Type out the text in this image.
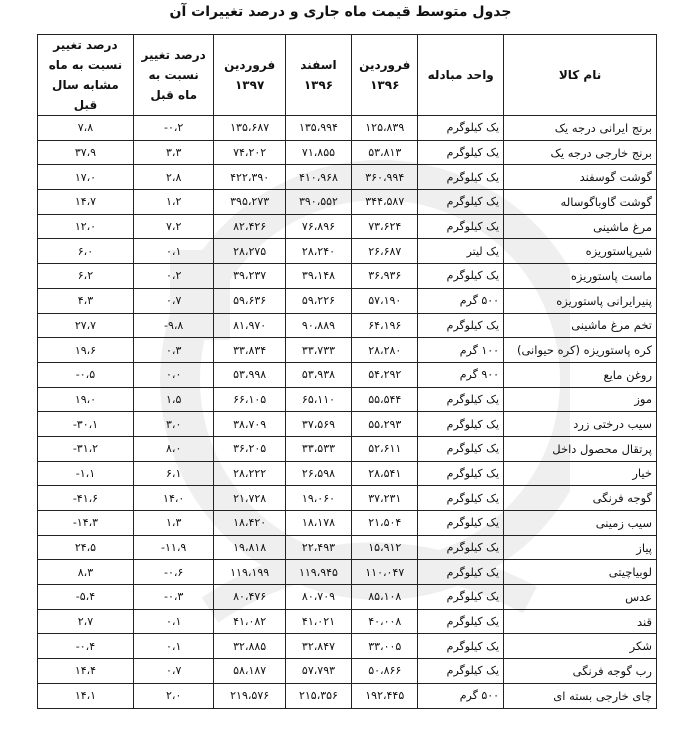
جدول متوسط قیمت ماه جاری و درصد تغییرات آن
نام کالا	واحد مبادله	فروردین ۱۳۹۶	اسفند ۱۳۹۶	فروردین ۱۳۹۷	درصد تغییر نسبت به ماه قبل	درصد تغییر نسبت به ماه مشابه سال قبل
برنج ایرانی درجه یک	یک کیلوگرم	۱۲۵،۸۳۹	۱۳۵،۹۹۴	۱۳۵،۶۸۷	-۰،۲	۷،۸
برنج خارجی درجه یک	یک کیلوگرم	۵۳،۸۱۳	۷۱،۸۵۵	۷۴،۲۰۲	۳،۳	۳۷،۹
گوشت گوسفند	یک کیلوگرم	۳۶۰،۹۹۴	۴۱۰،۹۶۸	۴۲۲،۳۹۰	۲،۸	۱۷،۰
گوشت گاوباگوساله	یک کیلوگرم	۳۴۴،۵۸۷	۳۹۰،۵۵۲	۳۹۵،۲۷۳	۱،۲	۱۴،۷
مرغ ماشینی	یک کیلوگرم	۷۳،۶۲۴	۷۶،۸۹۶	۸۲،۴۲۶	۷،۲	۱۲،۰
شیرپاستوریزه	یک لیتر	۲۶،۶۸۷	۲۸،۲۴۰	۲۸،۲۷۵	۰،۱	۶،۰
ماست پاستوریزه	یک کیلوگرم	۳۶،۹۳۶	۳۹،۱۴۸	۳۹،۲۳۷	۰،۲	۶،۲
پنیرایرانی پاستوریزه	۵۰۰ گرم	۵۷،۱۹۰	۵۹،۲۲۶	۵۹،۶۳۶	۰،۷	۴،۳
تخم مرغ ماشینی	یک کیلوگرم	۶۴،۱۹۶	۹۰،۸۸۹	۸۱،۹۷۰	-۹،۸	۲۷،۷
کره پاستوریزه (کره حیوانی)	۱۰۰ گرم	۲۸،۲۸۰	۳۳،۷۳۳	۳۳،۸۳۴	۰،۳	۱۹،۶
روغن مایع	۹۰۰ گرم	۵۴،۲۹۲	۵۳،۹۳۸	۵۳،۹۹۸	۰،۰	-۰،۵
موز	یک کیلوگرم	۵۵،۵۴۴	۶۵،۱۱۰	۶۶،۱۰۵	۱،۵	۱۹،۰
سیب درختی زرد	یک کیلوگرم	۵۵،۲۹۳	۳۷،۵۶۹	۳۸،۷۰۹	۳،۰	-۳۰،۱
پرتقال محصول داخل	یک کیلوگرم	۵۲،۶۱۱	۳۳،۵۳۳	۳۶،۲۰۵	۸،۰	-۳۱،۲
خیار	یک کیلوگرم	۲۸،۵۴۱	۲۶،۵۹۸	۲۸،۲۲۲	۶،۱	-۱،۱
گوجه فرنگی	یک کیلوگرم	۳۷،۲۳۱	۱۹،۰۶۰	۲۱،۷۲۸	۱۴،۰	-۴۱،۶
سیب زمینی	یک کیلوگرم	۲۱،۵۰۴	۱۸،۱۷۸	۱۸،۴۲۰	۱،۳	-۱۴،۳
پیاز	یک کیلوگرم	۱۵،۹۱۲	۲۲،۴۹۳	۱۹،۸۱۸	-۱۱،۹	۲۴،۵
لوبیاچیتی	یک کیلوگرم	۱۱۰،۰۴۷	۱۱۹،۹۴۵	۱۱۹،۱۹۹	-۰،۶	۸،۳
عدس	یک کیلوگرم	۸۵،۱۰۸	۸۰،۷۰۹	۸۰،۴۷۶	-۰،۳	-۵،۴
قند	یک کیلوگرم	۴۰،۰۰۸	۴۱،۰۲۱	۴۱،۰۸۲	۰،۱	۲،۷
شکر	یک کیلوگرم	۳۳،۰۰۵	۳۲،۸۴۷	۳۲،۸۸۵	۰،۱	-۰،۴
رب گوجه فرنگی	یک کیلوگرم	۵۰،۸۶۶	۵۷،۷۹۳	۵۸،۱۸۷	۰،۷	۱۴،۴
چای خارجی بسته ای	۵۰۰ گرم	۱۹۲،۴۴۵	۲۱۵،۳۵۶	۲۱۹،۵۷۶	۲،۰	۱۴،۱
